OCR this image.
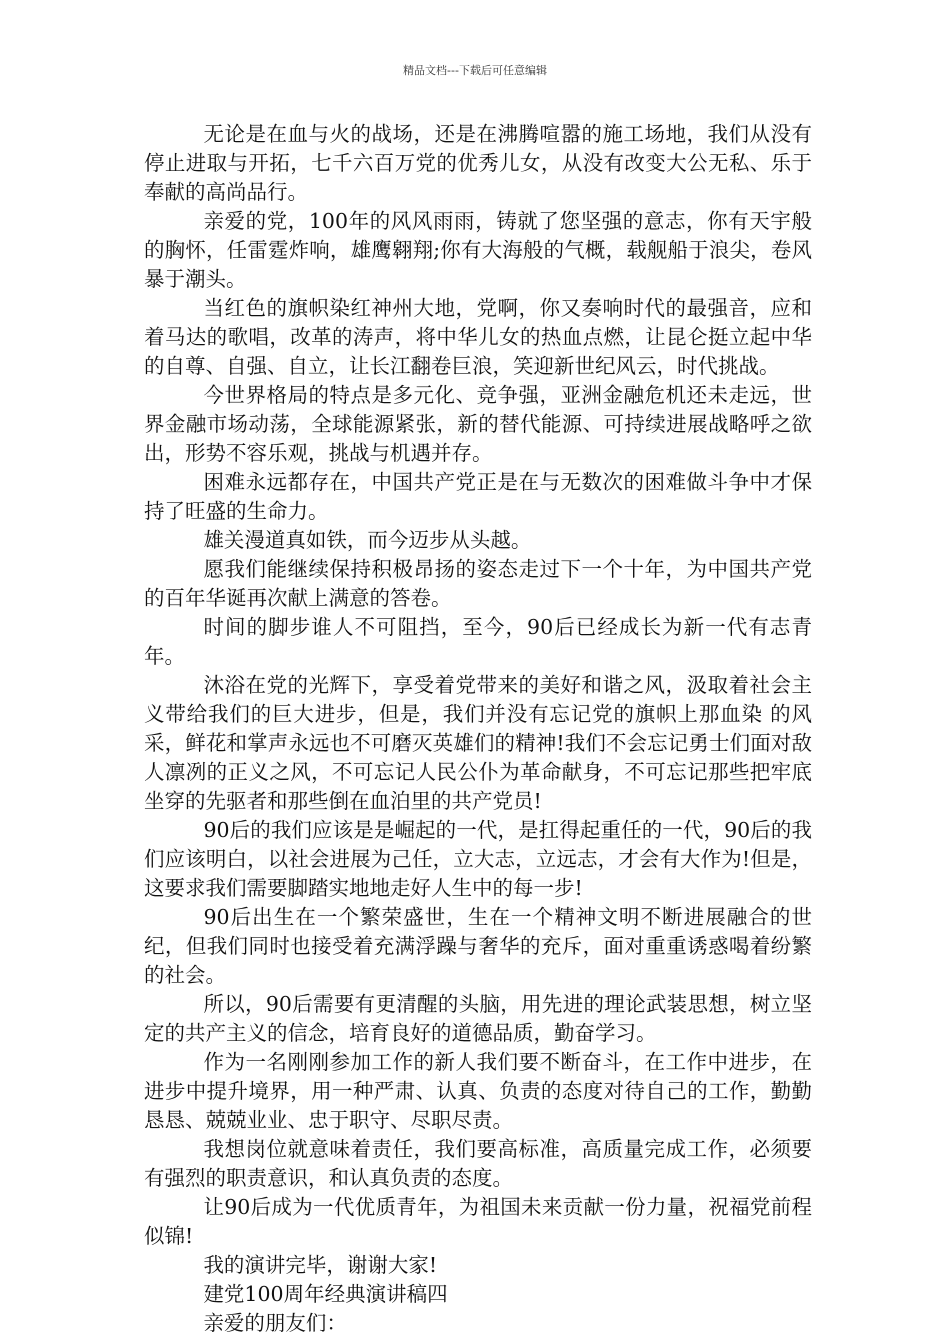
精品文档---下载后可任意编辑

无论是在血与火的战场，还是在沸腾喧嚣的施工场地，我们从没有停止进取与开拓，七千六百万党的优秀儿女，从没有改变大公无私、乐于奉献的高尚品行。

亲爱的党，100年的风风雨雨，铸就了您坚强的意志，你有天宇般的胸怀，任雷霆炸响，雄鹰翱翔;你有大海般的气概，载舰船于浪尖，卷风暴于潮头。

当红色的旗帜染红神州大地，党啊，你又奏响时代的最强音，应和着马达的歌唱，改革的涛声，将中华儿女的热血点燃，让昆仑挺立起中华的自尊、自强、自立，让长江翻卷巨浪，笑迎新世纪风云，时代挑战。

今世界格局的特点是多元化、竞争强，亚洲金融危机还未走远，世界金融市场动荡，全球能源紧张，新的替代能源、可持续进展战略呼之欲出，形势不容乐观，挑战与机遇并存。

困难永远都存在，中国共产党正是在与无数次的困难做斗争中才保持了旺盛的生命力。

雄关漫道真如铁，而今迈步从头越。

愿我们能继续保持积极昂扬的姿态走过下一个十年，为中国共产党的百年华诞再次献上满意的答卷。

时间的脚步谁人不可阻挡，至今，90后已经成长为新一代有志青年。

沐浴在党的光辉下，享受着党带来的美好和谐之风，汲取着社会主义带给我们的巨大进步，但是，我们并没有忘记党的旗帜上那血染 的风采，鲜花和掌声永远也不可磨灭英雄们的精神!我们不会忘记勇士们面对敌人凛冽的正义之风，不可忘记人民公仆为革命献身，不可忘记那些把牢底坐穿的先驱者和那些倒在血泊里的共产党员!

90后的我们应该是是崛起的一代，是扛得起重任的一代，90后的我们应该明白，以社会进展为己任，立大志，立远志，才会有大作为!但是，这要求我们需要脚踏实地地走好人生中的每一步!

90后出生在一个繁荣盛世，生在一个精神文明不断进展融合的世纪，但我们同时也接受着充满浮躁与奢华的充斥，面对重重诱惑喝着纷繁的社会。

所以，90后需要有更清醒的头脑，用先进的理论武装思想，树立坚定的共产主义的信念，培育良好的道德品质，勤奋学习。

作为一名刚刚参加工作的新人我们要不断奋斗，在工作中进步，在进步中提升境界，用一种严肃、认真、负责的态度对待自己的工作，勤勤恳恳、兢兢业业、忠于职守、尽职尽责。

我想岗位就意味着责任，我们要高标准，高质量完成工作，必须要有强烈的职责意识，和认真负责的态度。

让90后成为一代优质青年，为祖国未来贡献一份力量，祝福党前程似锦!

我的演讲完毕，谢谢大家!

建党100周年经典演讲稿四

亲爱的朋友们：
